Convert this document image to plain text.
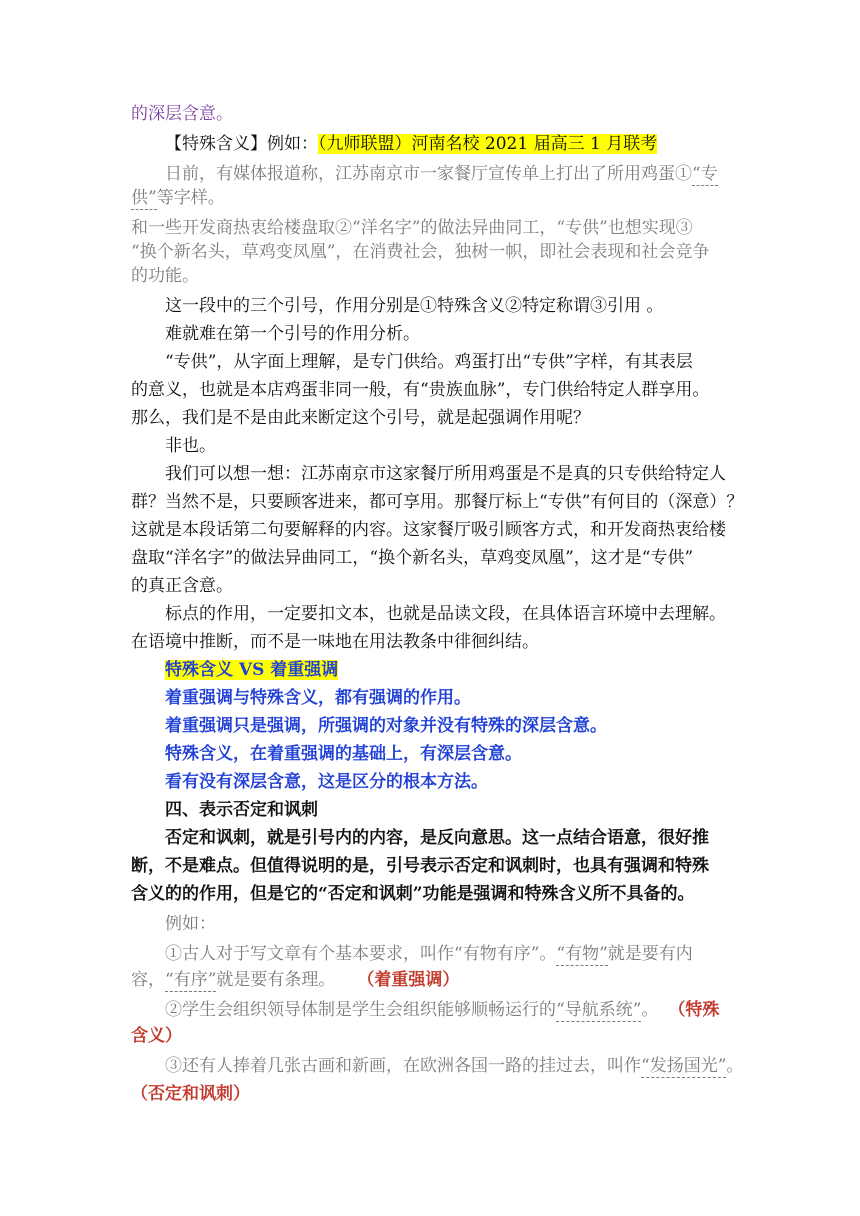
的深层含意。
【特殊含义】例如：（九师联盟）河南名校 2021 届高三 1 月联考
日前，有媒体报道称，江苏南京市一家餐厅宣传单上打出了所用鸡蛋①“专
供”等字样。
和一些开发商热衷给楼盘取②“洋名字”的做法异曲同工，“专供”也想实现③
“换个新名头，草鸡变凤凰”，在消费社会，独树一帜，即社会表现和社会竞争
的功能。
这一段中的三个引号，作用分别是①特殊含义②特定称谓③引用 。
难就难在第一个引号的作用分析。
“专供”，从字面上理解，是专门供给。鸡蛋打出“专供”字样，有其表层
的意义，也就是本店鸡蛋非同一般，有“贵族血脉”，专门供给特定人群享用。
那么，我们是不是由此来断定这个引号，就是起强调作用呢？
非也。
我们可以想一想：江苏南京市这家餐厅所用鸡蛋是不是真的只专供给特定人
群？当然不是，只要顾客进来，都可享用。那餐厅标上“专供”有何目的（深意）？
这就是本段话第二句要解释的内容。这家餐厅吸引顾客方式，和开发商热衷给楼
盘取“洋名字”的做法异曲同工，“换个新名头，草鸡变凤凰”，这才是“专供”
的真正含意。
标点的作用，一定要扣文本，也就是品读文段，在具体语言环境中去理解。
在语境中推断，而不是一味地在用法教条中徘徊纠结。
特殊含义 VS 着重强调
着重强调与特殊含义，都有强调的作用。
着重强调只是强调，所强调的对象并没有特殊的深层含意。
特殊含义，在着重强调的基础上，有深层含意。
看有没有深层含意，这是区分的根本方法。
四、表示否定和讽刺
否定和讽刺，就是引号内的内容，是反向意思。这一点结合语意，很好推
断，不是难点。但值得说明的是，引号表示否定和讽刺时，也具有强调和特殊
含义的的作用，但是它的“否定和讽刺”功能是强调和特殊含义所不具备的。
例如：
①古人对于写文章有个基本要求，叫作“有物有序”。“有物”就是要有内
容，“有序”就是要有条理。 （着重强调）
②学生会组织领导体制是学生会组织能够顺畅运行的“导航系统”。 （特殊
含义）
③还有人捧着几张古画和新画，在欧洲各国一路的挂过去，叫作“发扬国光”。
（否定和讽刺）
